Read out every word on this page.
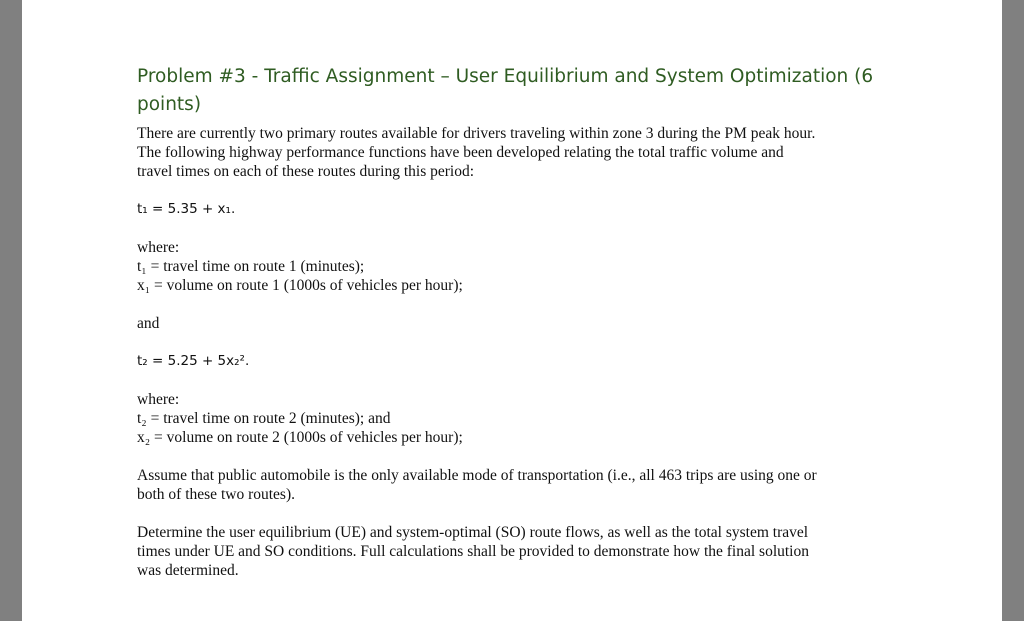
Problem #3 - Traffic Assignment – User Equilibrium and System Optimization (6 points)

There are currently two primary routes available for drivers traveling within zone 3 during the PM peak hour.
The following highway performance functions have been developed relating the total traffic volume and
travel times on each of these routes during this period:

t₁ = 5.35 + x₁.

where:
t₁ = travel time on route 1 (minutes);
x₁ = volume on route 1 (1000s of vehicles per hour);

and

t₂ = 5.25 + 5x₂².

where:
t₂ = travel time on route 2 (minutes); and
x₂ = volume on route 2 (1000s of vehicles per hour);

Assume that public automobile is the only available mode of transportation (i.e., all 463 trips are using one or
both of these two routes).

Determine the user equilibrium (UE) and system-optimal (SO) route flows, as well as the total system travel
times under UE and SO conditions. Full calculations shall be provided to demonstrate how the final solution
was determined.
